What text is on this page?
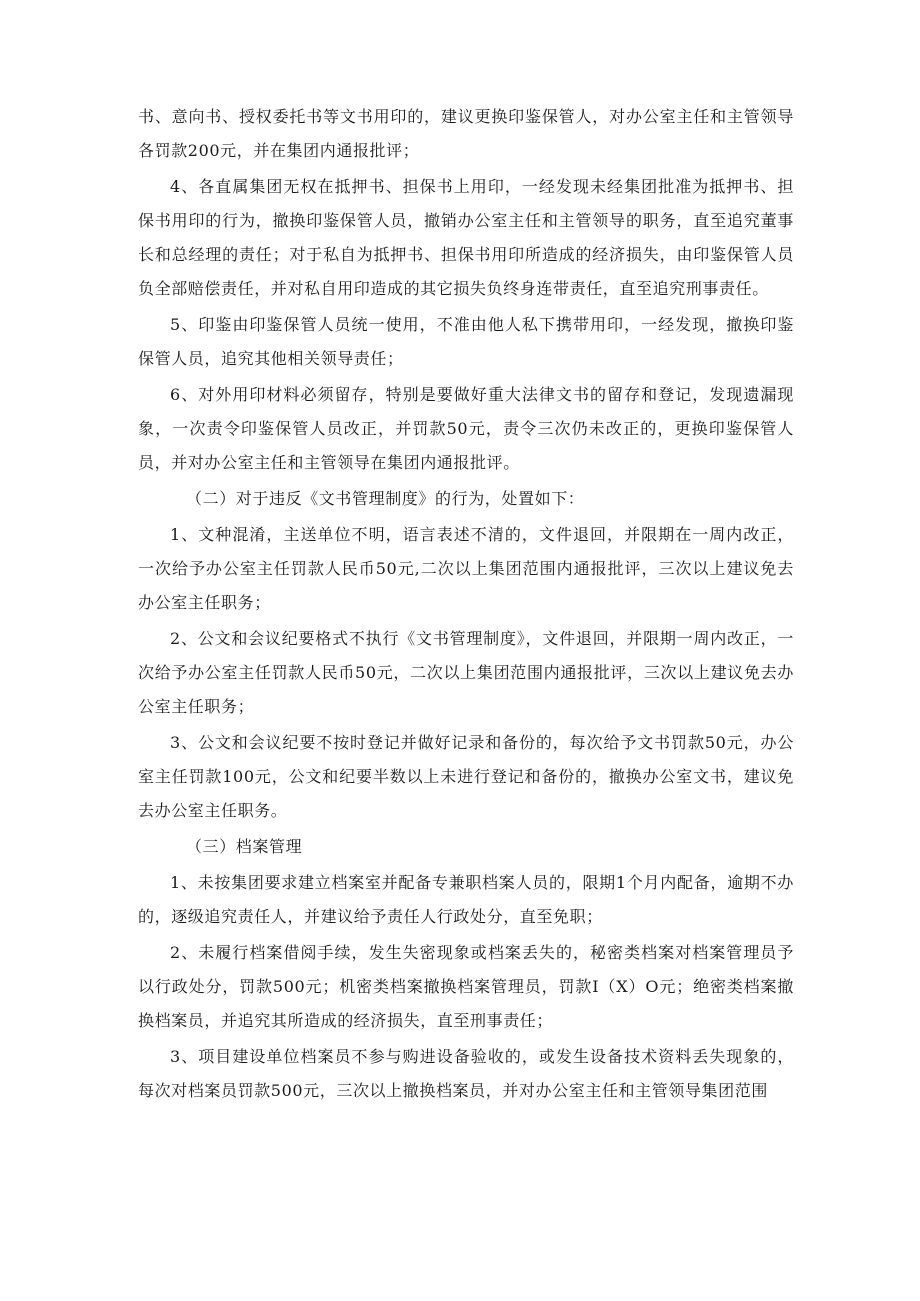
书、意向书、授权委托书等文书用印的，建议更换印鉴保管人，对办公室主任和主管领导各罚款200元，并在集团内通报批评；

4、各直属集团无权在抵押书、担保书上用印，一经发现未经集团批准为抵押书、担保书用印的行为，撤换印鉴保管人员，撤销办公室主任和主管领导的职务，直至追究董事长和总经理的责任；对于私自为抵押书、担保书用印所造成的经济损失，由印鉴保管人员负全部赔偿责任，并对私自用印造成的其它损失负终身连带责任，直至追究刑事责任。

5、印鉴由印鉴保管人员统一使用，不准由他人私下携带用印，一经发现，撤换印鉴保管人员，追究其他相关领导责任；

6、对外用印材料必须留存，特别是要做好重大法律文书的留存和登记，发现遗漏现象，一次责令印鉴保管人员改正，并罚款50元，责令三次仍未改正的，更换印鉴保管人员，并对办公室主任和主管领导在集团内通报批评。

（二）对于违反《文书管理制度》的行为，处置如下：

1、文种混淆，主送单位不明，语言表述不清的，文件退回，并限期在一周内改正，一次给予办公室主任罚款人民币50元,二次以上集团范围内通报批评，三次以上建议免去办公室主任职务；

2、公文和会议纪要格式不执行《文书管理制度》，文件退回，并限期一周内改正，一次给予办公室主任罚款人民币50元，二次以上集团范围内通报批评，三次以上建议免去办公室主任职务；

3、公文和会议纪要不按时登记并做好记录和备份的，每次给予文书罚款50元，办公室主任罚款100元，公文和纪要半数以上未进行登记和备份的，撤换办公室文书，建议免去办公室主任职务。

（三）档案管理

1、未按集团要求建立档案室并配备专兼职档案人员的，限期1个月内配备，逾期不办的，逐级追究责任人，并建议给予责任人行政处分，直至免职；

2、未履行档案借阅手续，发生失密现象或档案丢失的，秘密类档案对档案管理员予以行政处分，罚款500元；机密类档案撤换档案管理员，罚款I（X）O元；绝密类档案撤换档案员，并追究其所造成的经济损失，直至刑事责任；

3、项目建设单位档案员不参与购进设备验收的，或发生设备技术资料丢失现象的，每次对档案员罚款500元，三次以上撤换档案员，并对办公室主任和主管领导集团范围
